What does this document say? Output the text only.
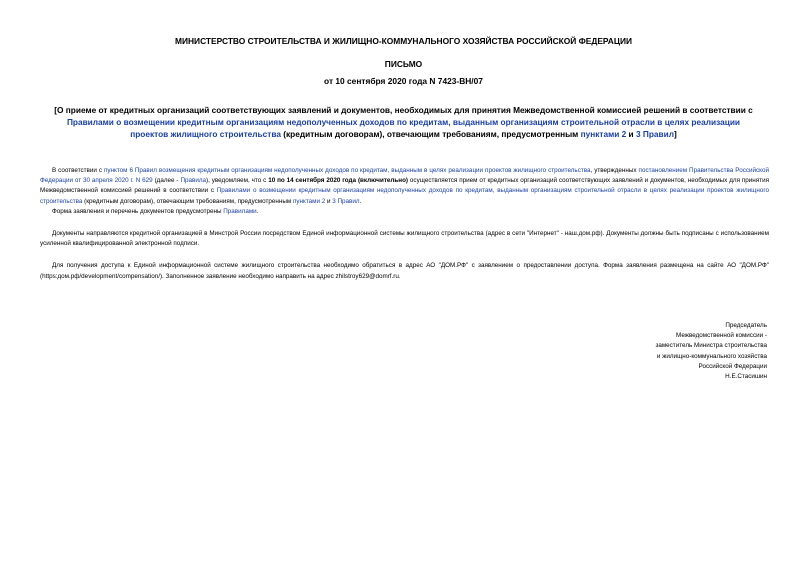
МИНИСТЕРСТВО СТРОИТЕЛЬСТВА И ЖИЛИЩНО-КОММУНАЛЬНОГО ХОЗЯЙСТВА РОССИЙСКОЙ ФЕДЕРАЦИИ
ПИСЬМО
от 10 сентября 2020 года N 7423-ВН/07
[О приеме от кредитных организаций соответствующих заявлений и документов, необходимых для принятия Межведомственной комиссией решений в соответствии с Правилами о возмещении кредитным организациям недополученных доходов по кредитам, выданным организациям строительной отрасли в целях реализации проектов жилищного строительства (кредитным договорам), отвечающим требованиям, предусмотренным пунктами 2 и 3 Правил]

В соответствии с пунктом 6 Правил возмещения кредитным организациям недополученных доходов по кредитам, выданным в целях реализации проектов жилищного строительства, утвержденных постановлением Правительства Российской Федерации от 30 апреля 2020 г. N 629 (далее - Правила), уведомляем, что с 10 по 14 сентября 2020 года (включительно) осуществляется прием от кредитных организаций соответствующих заявлений и документов, необходимых для принятия Межведомственной комиссией решений в соответствии с Правилами о возмещении кредитным организациям недополученных доходов по кредитам, выданным организациям строительной отрасли в целях реализации проектов жилищного строительства (кредитным договорам), отвечающим требованиям, предусмотренным пунктами 2 и 3 Правил.

Форма заявления и перечень документов предусмотрены Правилами.

Документы направляются кредитной организацией в Минстрой России посредством Единой информационной системы жилищного строительства (адрес в сети "Интернет" - наш.дом.рф). Документы должны быть подписаны с использованием усиленной квалифицированной электронной подписи.

Для получения доступа к Единой информационной системе жилищного строительства необходимо обратиться в адрес АО "ДОМ.РФ" с заявлением о предоставлении доступа. Форма заявления размещена на сайте АО "ДОМ.РФ" (https:дом.рф/development/compensation/). Заполненное заявление необходимо направить на адрес zhilstroy629@domrf.ru.

Председатель
Межведомственной комиссии -
заместитель Министра строительства
и жилищно-коммунального хозяйства
Российской Федерации
Н.Е.Стасишин
